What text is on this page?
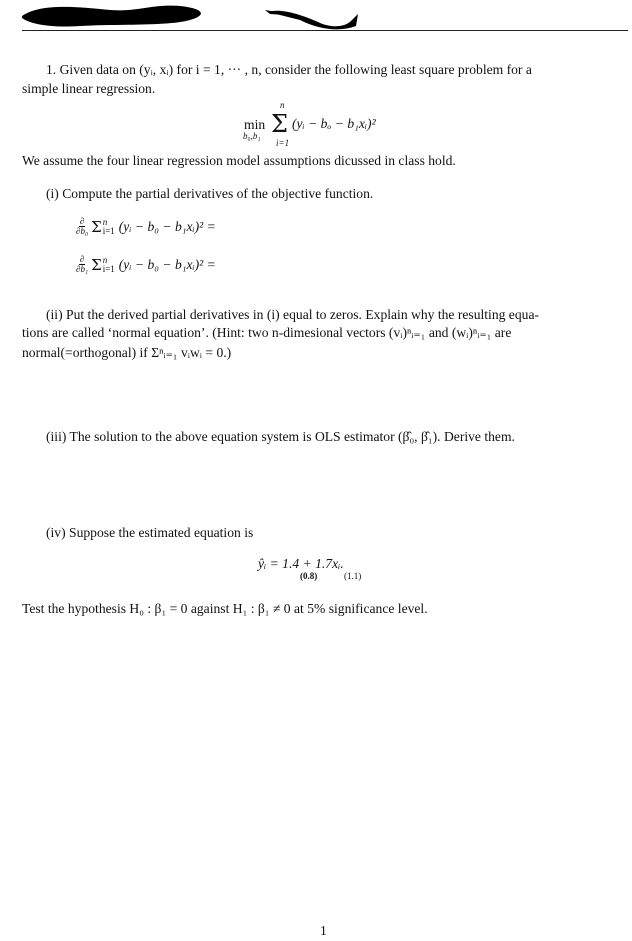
1. Given data on (yᵢ, xᵢ) for i = 1, ··· , n, consider the following least square problem for a
simple linear regression.
n
min
b₀,b₁ Σ
i=1
(yᵢ − bₒ − b₁xᵢ)²
We assume the four linear regression model assumptions dicussed in class hold.
(i) Compute the partial derivatives of the objective function.
$\frac{\partial}{\text{∂b₀}}$ Σ n
i=1 (yᵢ − b₀ − b₁xᵢ)² =
$\frac{\partial}{\text{∂b₁}}$ Σ n
i=1 (yᵢ − b₀ − b₁xᵢ)² =
(ii) Put the derived partial derivatives in (i) equal to zeros. Explain why the resulting equa-
tions are called ‘normal equation’. (Hint: two n-dimesional vectors (vᵢ)ⁿᵢ₌₁ and (wᵢ)ⁿᵢ₌₁ are
normal(=orthogonal) if Σⁿᵢ₌₁ vᵢwᵢ = 0.)
(iii) The solution to the above equation system is OLS estimator (β̂₀, β̂₁). Derive them.
(iv) Suppose the estimated equation is
ŷᵢ = 1.4 + 1.7xᵢ.
(0.8)	(1.1)
Test the hypothesis H₀ : β₁ = 0 against H₁ : β₁ ≠ 0 at 5% significance level.
1
